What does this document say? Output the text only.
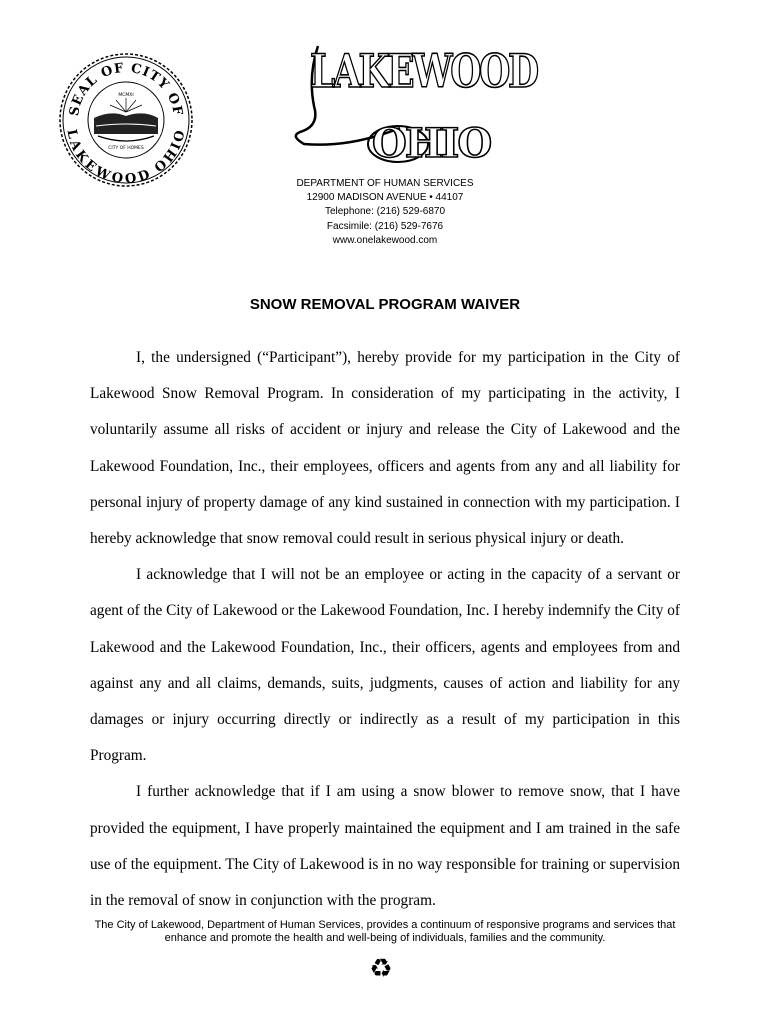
SEAL OF CITY OF
LAKEWOOD OHIO
MCMXI
CITY OF HOMES
LAKEWOOD
OHIO
DEPARTMENT OF HUMAN SERVICES
12900 MADISON AVENUE • 44107
Telephone: (216) 529-6870
Facsimile: (216) 529-7676
www.onelakewood.com
SNOW REMOVAL PROGRAM WAIVER

I, the undersigned (“Participant”), hereby provide for my participation in the City of Lakewood Snow Removal Program. In consideration of my participating in the activity, I voluntarily assume all risks of accident or injury and release the City of Lakewood and the Lakewood Foundation, Inc., their employees, officers and agents from any and all liability for personal injury of property damage of any kind sustained in connection with my participation. I hereby acknowledge that snow removal could result in serious physical injury or death.

I acknowledge that I will not be an employee or acting in the capacity of a servant or agent of the City of Lakewood or the Lakewood Foundation, Inc. I hereby indemnify the City of Lakewood and the Lakewood Foundation, Inc., their officers, agents and employees from and against any and all claims, demands, suits, judgments, causes of action and liability for any damages or injury occurring directly or indirectly as a result of my participation in this Program.

I further acknowledge that if I am using a snow blower to remove snow, that I have provided the equipment, I have properly maintained the equipment and I am trained in the safe use of the equipment. The City of Lakewood is in no way responsible for training or supervision in the removal of snow in conjunction with the program.

The City of Lakewood, Department of Human Services, provides a continuum of responsive programs and services that
enhance and promote the health and well-being of individuals, families and the community.
♻
